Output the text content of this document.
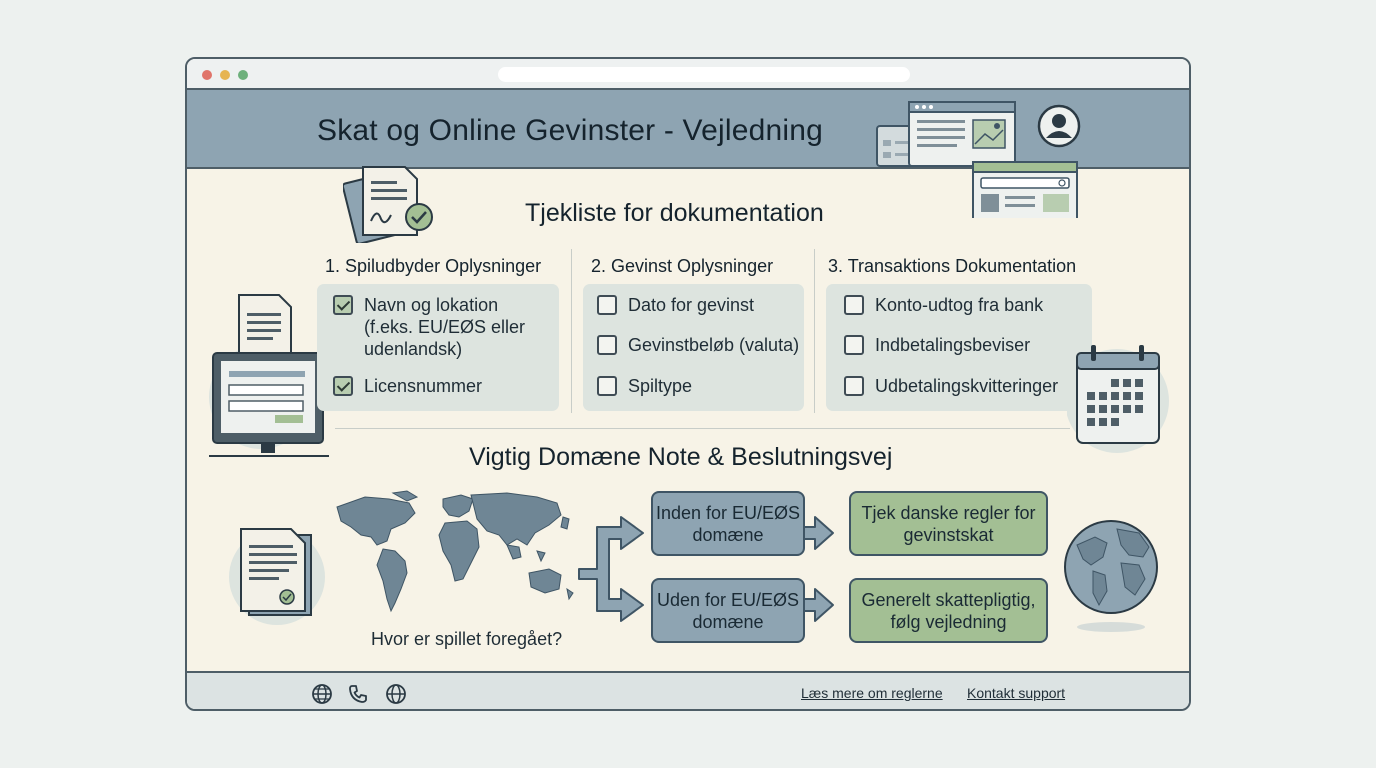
Skat og Online Gevinster - Vejledning
Tjekliste for dokumentation
1. Spiludbyder Oplysninger
Navn og lokation (f.eks. EU/EØS eller udenlandsk)
Licensnummer
2. Gevinst Oplysninger
Dato for gevinst
Gevinstbeløb (valuta)
Spiltype
3. Transaktions Dokumentation
Konto-udtog fra bank
Indbetalingsbeviser
Udbetalingskvitteringer
Vigtig Domæne Note & Beslutningsvej
Hvor er spillet foregået?
Inden for EU/EØS domæne
Uden for EU/EØS domæne
Tjek danske regler for gevinstskat
Generelt skattepligtig, følg vejledning
Læs mere om reglerne Kontakt support
